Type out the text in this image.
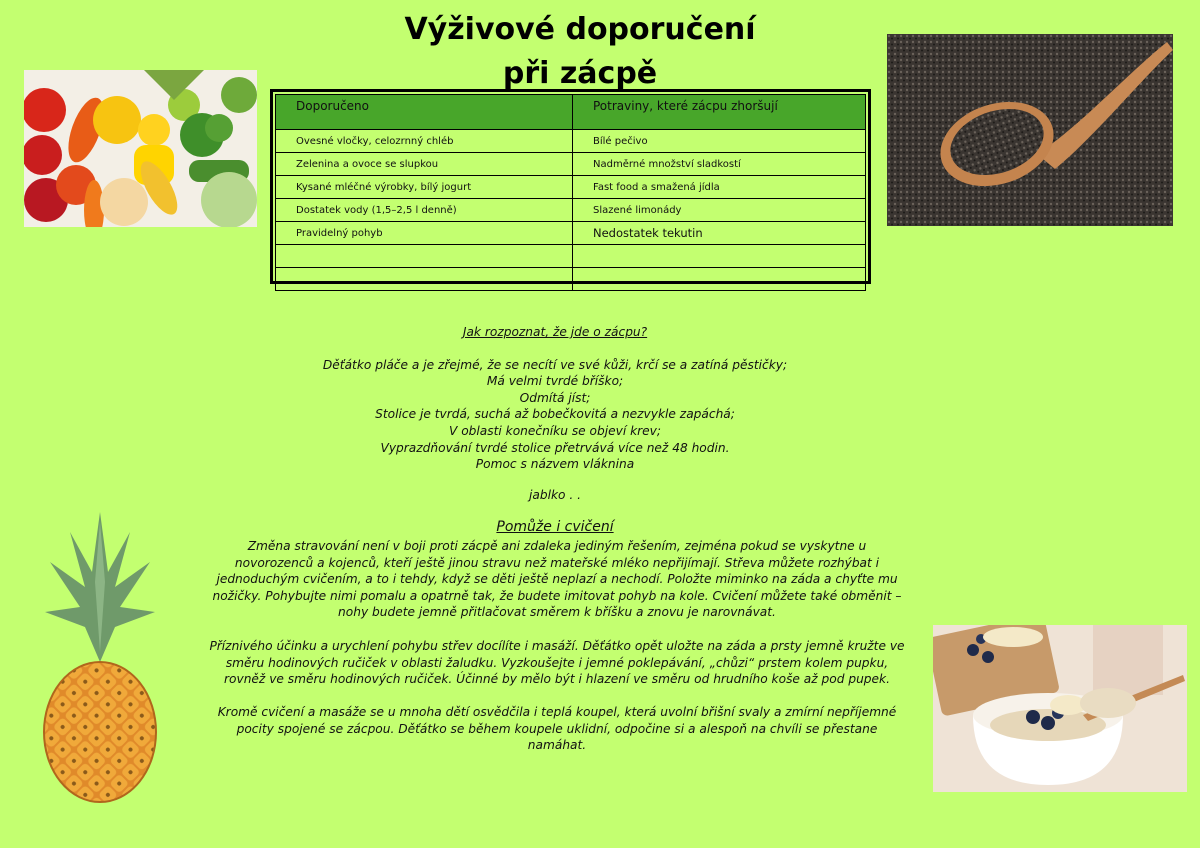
Výživové doporučení
při zácpě
Doporučeno	Potraviny, které zácpu zhoršují
Ovesné vločky, celozrnný chléb	Bílé pečivo
Zelenina a ovoce se slupkou	Nadměrné množství sladkostí
Kysané mléčné výrobky, bílý jogurt	Fast food a smažená jídla
Dostatek vody (1,5–2,5 l denně)	Slazené limonády
Pravidelný pohyb	Nedostatek tekutin

Jak rozpoznat, že jde o zácpu?
Děťátko pláče a je zřejmé, že se necítí ve své kůži, krčí se a zatíná pěstičky;
Má velmi tvrdé bříško;
Odmítá jíst;
Stolice je tvrdá, suchá až bobečkovitá a nezvykle zapáchá;
V oblasti konečníku se objeví krev;
Vyprazdňování tvrdé stolice přetrvává více než 48 hodin.
Pomoc s názvem vláknina
jablko . .
Pomůže i cvičení
Změna stravování není v boji proti zácpě ani zdaleka jediným řešením, zejména pokud se vyskytne u
novorozenců a kojenců, kteří ještě jinou stravu než mateřské mléko nepřijímají. Střeva můžete rozhýbat i
jednoduchým cvičením, a to i tehdy, když se děti ještě neplazí a nechodí. Položte miminko na záda a chyťte mu
nožičky. Pohybujte nimi pomalu a opatrně tak, že budete imitovat pohyb na kole. Cvičení můžete také obměnit –
nohy budete jemně přitlačovat směrem k bříšku a znovu je narovnávat.
Příznivého účinku a urychlení pohybu střev docílíte i masáží. Děťátko opět uložte na záda a prsty jemně kružte ve
směru hodinových ručiček v oblasti žaludku. Vyzkoušejte i jemné poklepávání, „chůzi“ prstem kolem pupku,
rovněž ve směru hodinových ručiček. Účinné by mělo být i hlazení ve směru od hrudního koše až pod pupek.
Kromě cvičení a masáže se u mnoha dětí osvědčila i teplá koupel, která uvolní břišní svaly a zmírní nepříjemné
pocity spojené se zácpou. Děťátko se během koupele uklidní, odpočine si a alespoň na chvíli se přestane
namáhat.
